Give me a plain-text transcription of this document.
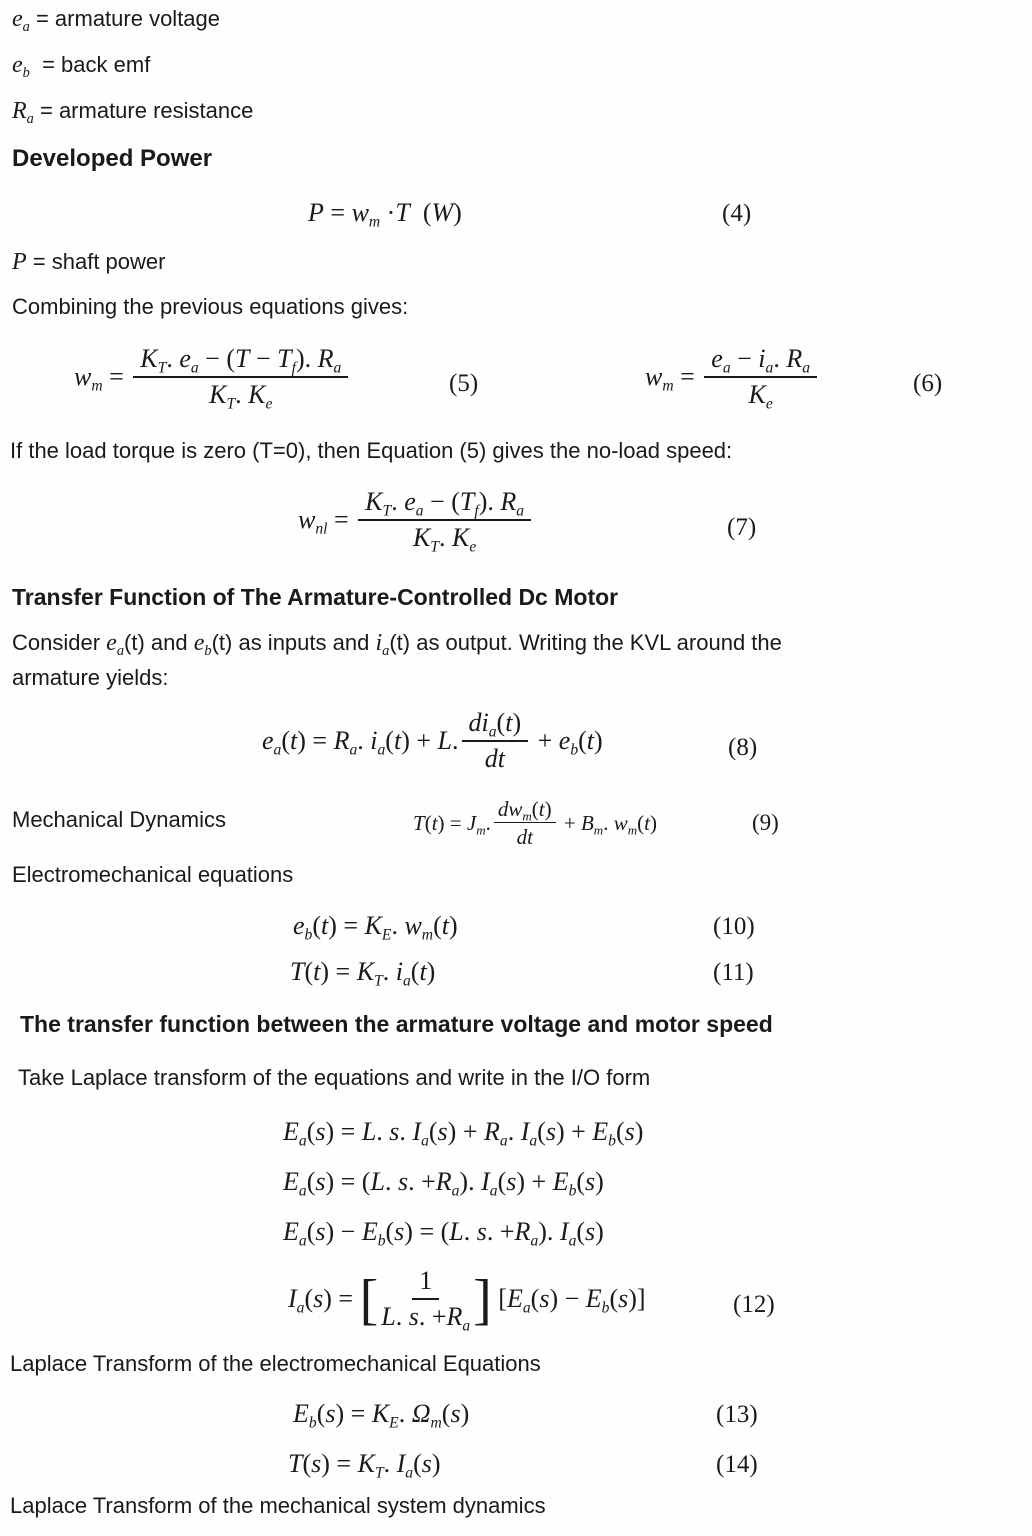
$e_a$ = armature voltage
$e_b$ = back emf
$R_a$ = armature resistance
Developed Power
$P = w_m \cdot T$ ( W )	(4)
P = shaft power
Combining the previous equations gives:
$w_m = \frac{K_T . e_a - ( T - T_f ). R_a}{K_T . K_e}$	(5)	$w_m = \frac{e_a - i_a . R_a}{K_e}$	(6)
If the load torque is zero (T=0), then Equation (5) gives the no-load speed:
$w_{nl} = \frac{K_T . e_a - ( T_f ). R_a}{K_T . K_e}$	(7)
Transfer Function of The Armature-Controlled Dc Motor
Consider $e_a$ (t) and $e_b$ (t) as inputs and $i_a$ (t) as output. Writing the KVL around the
armature yields:
$e_a$ ( t ) = $R_a$ . $i_a$ ( t ) + L . $\frac{di_a ( t )}{dt} + e_b$ ( t )	(8)
Mechanical Dynamics	T ( t ) = $J_m$ . $\frac{dw_m ( t )}{dt} + B_m$ . $w_m$ ( t )	(9)
Electromechanical equations
$e_b$ ( t ) = $K_E$ . $w_m$ ( t )	(10)
T ( t ) = $K_T$ . $i_a$ ( t )	(11)
The transfer function between the armature voltage and motor speed
Take Laplace transform of the equations and write in the I/O form
$E_a$ ( s ) = L . s . $I_a$ ( s ) + $R_a$ . $I_a$ ( s ) + $E_b$ ( s )
$E_a$ ( s ) = ( L . s . + $R_a$ ). $I_a$ ( s ) + $E_b$ ( s )
$E_a$ ( s ) − $E_b$ ( s ) = ( L . s . + $R_a$ ). $I_a$ ( s )
$I_a$ ( s ) = [ $\frac{1}{L . s . + R_a}$ ] [ $E_a$ ( s ) − $E_b$ ( s )]	(12)
Laplace Transform of the electromechanical Equations
$E_b$ ( s ) = $K_E$ . $\Omega_m$ ( s )	(13)
T ( s ) = $K_T$ . $I_a$ ( s )	(14)
Laplace Transform of the mechanical system dynamics
